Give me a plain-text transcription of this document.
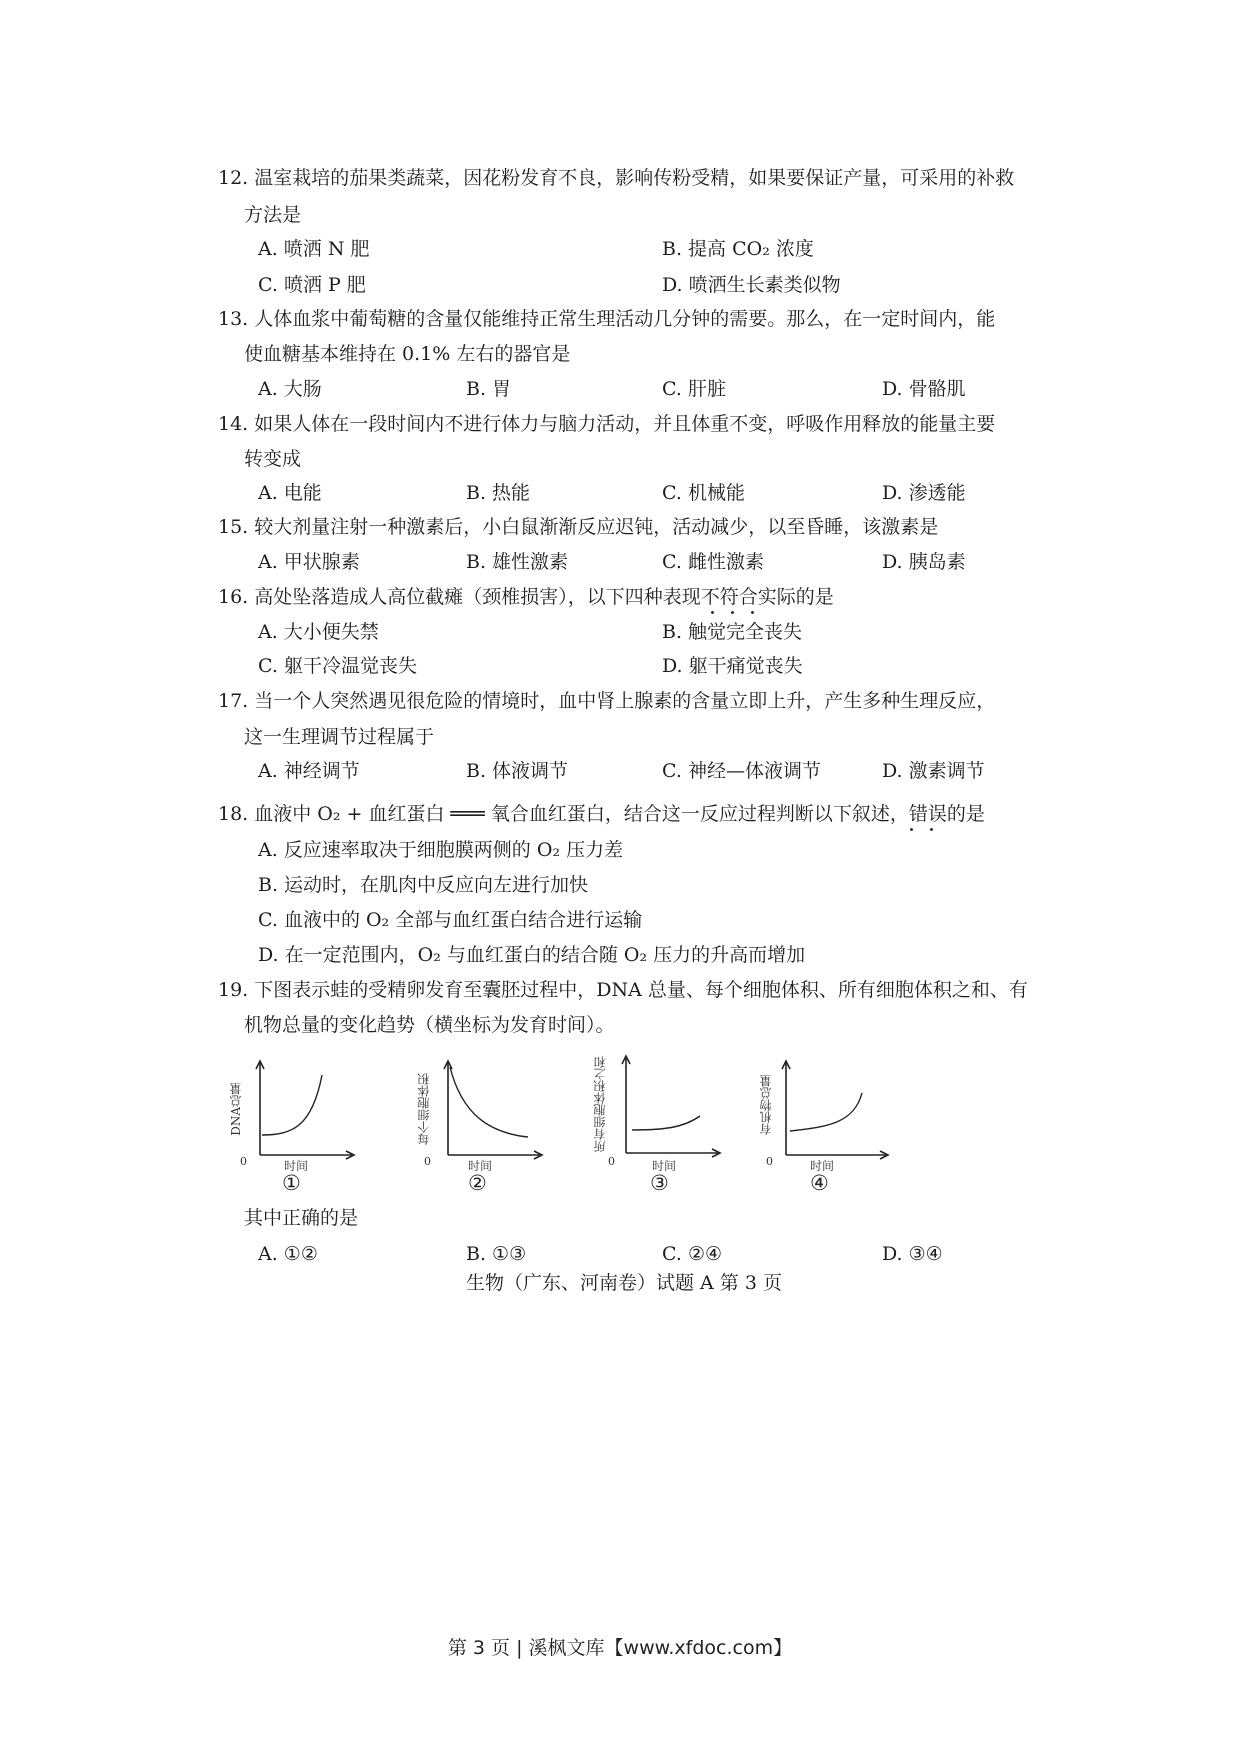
12. 温室栽培的茄果类蔬菜，因花粉发育不良，影响传粉受精，如果要保证产量，可采用的补救
方法是
A. 喷洒 N 肥	B. 提高 CO₂ 浓度
C. 喷洒 P 肥	D. 喷洒生长素类似物
13. 人体血浆中葡萄糖的含量仅能维持正常生理活动几分钟的需要。那么，在一定时间内，能
使血糖基本维持在 0.1% 左右的器官是
A. 大肠	B. 胃	C. 肝脏	D. 骨骼肌
14. 如果人体在一段时间内不进行体力与脑力活动，并且体重不变，呼吸作用释放的能量主要
转变成
A. 电能	B. 热能	C. 机械能	D. 渗透能
15. 较大剂量注射一种激素后，小白鼠渐渐反应迟钝，活动减少，以至昏睡，该激素是
A. 甲状腺素	B. 雄性激素	C. 雌性激素	D. 胰岛素
16. 高处坠落造成人高位截瘫（颈椎损害），以下四种表现不符合实际的是
A. 大小便失禁	B. 触觉完全丧失
C. 躯干冷温觉丧失	D. 躯干痛觉丧失
17. 当一个人突然遇见很危险的情境时，血中肾上腺素的含量立即上升，产生多种生理反应，
这一生理调节过程属于
A. 神经调节	B. 体液调节	C. 神经—体液调节	D. 激素调节
18. 血液中 O₂ + 血红蛋白 ═══ 氧合血红蛋白，结合这一反应过程判断以下叙述，错误的是
A. 反应速率取决于细胞膜两侧的 O₂ 压力差
B. 运动时，在肌肉中反应向左进行加快
C. 血液中的 O₂ 全部与血红蛋白结合进行运输
D. 在一定范围内，O₂ 与血红蛋白的结合随 O₂ 压力的升高而增加
19. 下图表示蛙的受精卵发育至囊胚过程中，DNA 总量、每个细胞体积、所有细胞体积之和、有
机物总量的变化趋势（横坐标为发育时间）。
DNA总量
0	时间
①
每个细胞体积
0	时间
②
所有细胞体积之和
0	时间
③
有机物总量
0	时间
④
其中正确的是
A. ①②	B. ①③	C. ②④	D. ③④
生物（广东、河南卷）试题 A 第 3 页
第 3 页 | 溪枫文库【www.xfdoc.com】
